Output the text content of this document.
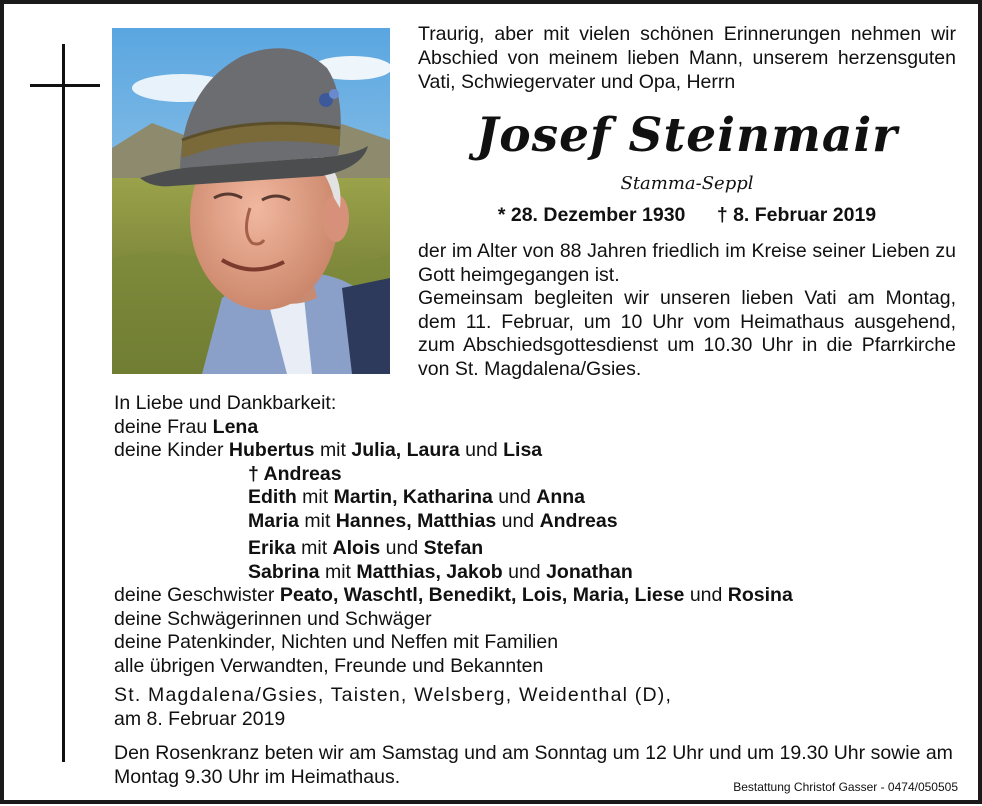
Traurig, aber mit vielen schönen Erinnerungen nehmen wir Abschied von meinem lieben Mann, unserem herzensguten Vati, Schwiegervater und Opa, Herrn
Josef Steinmair
Stamma-Seppl
* 28. Dezember 1930 † 8. Februar 2019
der im Alter von 88 Jahren friedlich im Kreise seiner Lieben zu Gott heimgegangen ist.
Gemeinsam begleiten wir unseren lieben Vati am Montag, dem 11. Februar, um 10 Uhr vom Heimathaus ausgehend, zum Abschiedsgottesdienst um 10.30 Uhr in die Pfarrkirche von St. Magdalena/Gsies.
In Liebe und Dankbarkeit:
deine Frau Lena
deine Kinder Hubertus mit Julia, Laura und Lisa
† Andreas
Edith mit Martin, Katharina und Anna
Maria mit Hannes, Matthias und Andreas
Erika mit Alois und Stefan
Sabrina mit Matthias, Jakob und Jonathan
deine Geschwister Peato, Waschtl, Benedikt, Lois, Maria, Liese und Rosina
deine Schwägerinnen und Schwäger
deine Patenkinder, Nichten und Neffen mit Familien
alle übrigen Verwandten, Freunde und Bekannten
St. Magdalena/Gsies, Taisten, Welsberg, Weidenthal (D),
am 8. Februar 2019
Den Rosenkranz beten wir am Samstag und am Sonntag um 12 Uhr und um 19.30 Uhr sowie am Montag 9.30 Uhr im Heimathaus.	Bestattung Christof Gasser - 0474/050505
